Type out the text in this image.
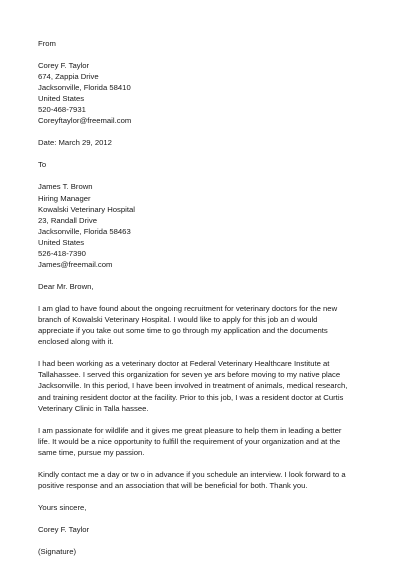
From
Corey F. Taylor
674, Zappia Drive
Jacksonville, Florida 58410
United States
520-468-7931
Coreyftaylor@freemail.com
Date: March 29, 2012
To
James T. Brown
Hiring Manager
Kowalski Veterinary Hospital
23, Randall Drive
Jacksonville, Florida 58463
United States
526-418-7390
James@freemail.com
Dear Mr. Brown,
I am glad to have found about the ongoing recruitment for veterinary doctors for the new
branch of Kowalski Veterinary Hospital. I would like to apply for this job an d would
appreciate if you take out some time to go through my application and the documents
enclosed along with it.
I had been working as a veterinary doctor at Federal Veterinary Healthcare Institute at
Tallahassee. I served this organization for seven ye ars before moving to my native place
Jacksonville. In this period, I have been involved in treatment of animals, medical research,
and training resident doctor at the facility. Prior to this job, I was a resident doctor at Curtis
Veterinary Clinic in Talla hassee.
I am passionate for wildlife and it gives me great pleasure to help them in leading a better
life. It would be a nice opportunity to fulfill the requirement of your organization and at the
same time, pursue my passion.
Kindly contact me a day or tw o in advance if you schedule an interview. I look forward to a
positive response and an association that will be beneficial for both. Thank you.
Yours sincere,
Corey F. Taylor
(Signature)
